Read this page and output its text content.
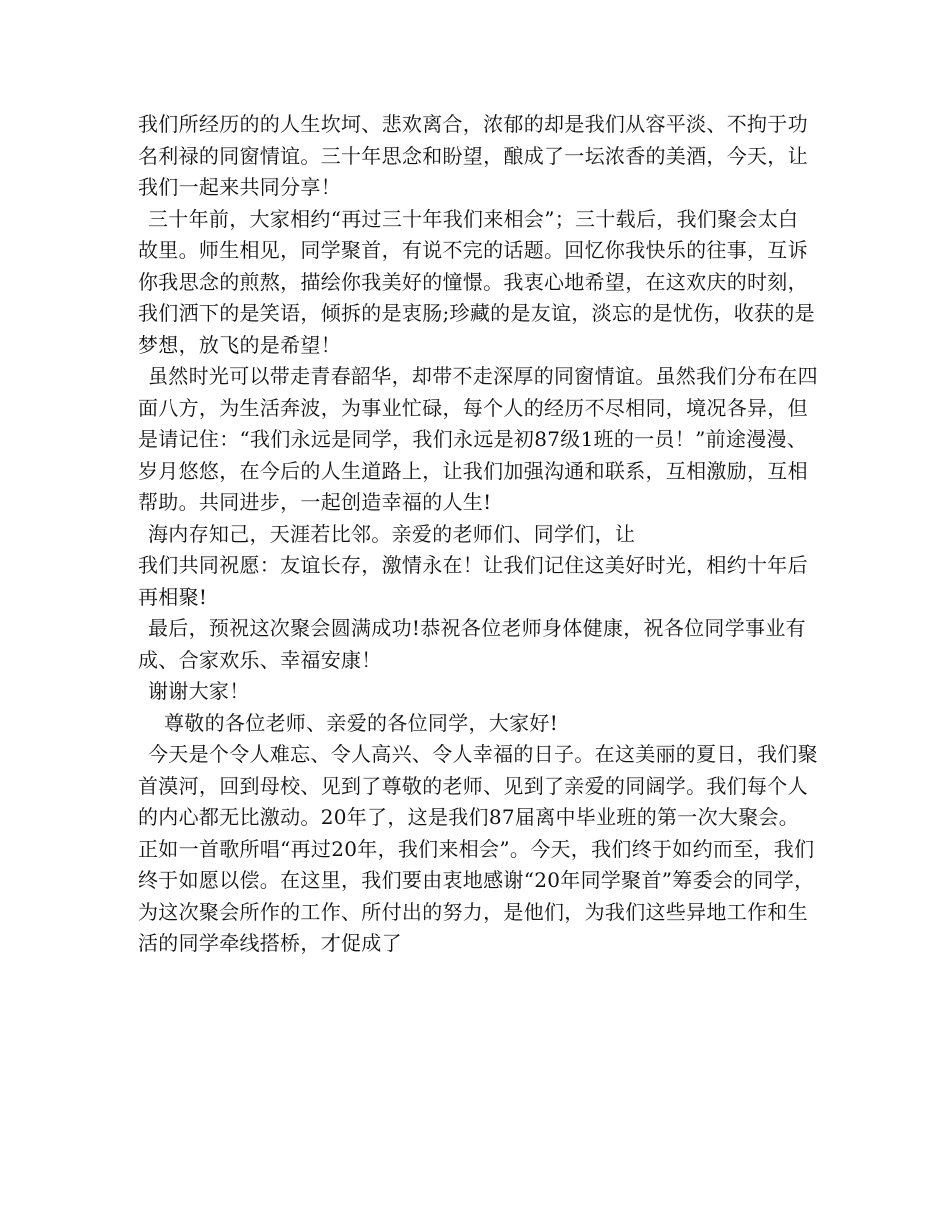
我们所经历的的人生坎坷、悲欢离合，浓郁的却是我们从容平淡、不拘于功名利禄的同窗情谊。三十年思念和盼望，酿成了一坛浓香的美酒，今天，让我们一起来共同分享！

三十年前，大家相约“再过三十年我们来相会”；三十载后，我们聚会太白故里。师生相见，同学聚首，有说不完的话题。回忆你我快乐的往事，互诉你我思念的煎熬，描绘你我美好的憧憬。我衷心地希望，在这欢庆的时刻，我们洒下的是笑语，倾拆的是衷肠;珍藏的是友谊，淡忘的是忧伤，收获的是梦想，放飞的是希望！

虽然时光可以带走青春韶华，却带不走深厚的同窗情谊。虽然我们分布在四面八方，为生活奔波，为事业忙碌，每个人的经历不尽相同，境况各异，但是请记住：“我们永远是同学，我们永远是初87级1班的一员！”前途漫漫、岁月悠悠，在今后的人生道路上，让我们加强沟通和联系，互相激励，互相帮助。共同进步，一起创造幸福的人生!

海内存知己，天涯若比邻。亲爱的老师们、同学们，让

我们共同祝愿：友谊长存，激情永在！让我们记住这美好时光，相约十年后再相聚!

最后，预祝这次聚会圆满成功!恭祝各位老师身体健康，祝各位同学事业有成、合家欢乐、幸福安康！

谢谢大家！

尊敬的各位老师、亲爱的各位同学，大家好!

今天是个令人难忘、令人高兴、令人幸福的日子。在这美丽的夏日，我们聚首漠河，回到母校、见到了尊敬的老师、见到了亲爱的同阔学。我们每个人的内心都无比激动。20年了，这是我们87届离中毕业班的第一次大聚会。正如一首歌所唱“再过20年，我们来相会”。今天，我们终于如约而至，我们终于如愿以偿。在这里，我们要由衷地感谢“20年同学聚首”筹委会的同学，为这次聚会所作的工作、所付出的努力，是他们，为我们这些异地工作和生活的同学牵线搭桥，才促成了
